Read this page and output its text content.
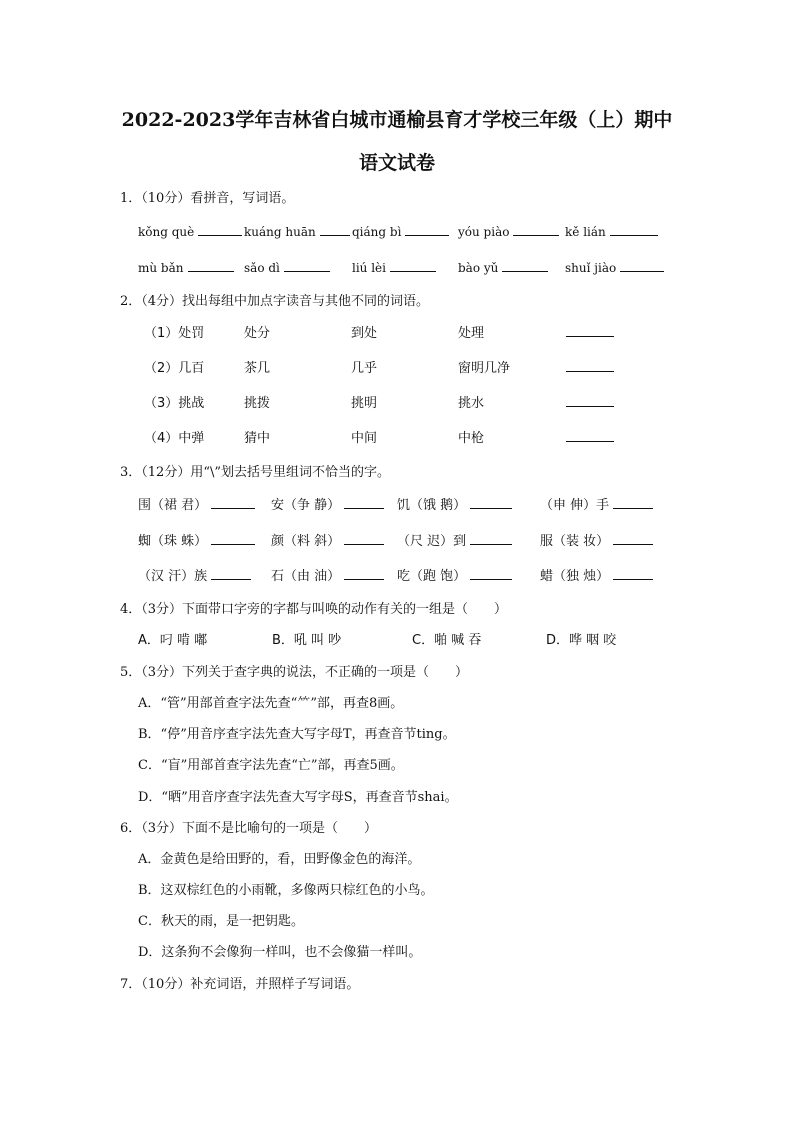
2022-2023学年吉林省白城市通榆县育才学校三年级（上）期中
语文试卷
1．（10分）看拼音，写词语。
kǒng què	kuáng huān	qiáng bì	yóu piào	kě lián
mù bǎn	sǎo dì	liú lèi	bào yǔ	shuǐ jiào
2．（4分）找出每组中加点字读音与其他不同的词语。
（1）处罚	处分	到处	处理
（2）几百	茶几	几乎	窗明几净
（3）挑战	挑拨	挑明	挑水
（4）中弹	猜中	中间	中枪
3．（12分）用“\”划去括号里组词不恰当的字。
围（裙 君）	安（争 静）	饥（饿 鹅）	（申 伸）手
蜘（珠 蛛）	颜（料 斜）	（尺 迟）到	服（装 妆）
（汉 汗）族	石（由 油）	吃（跑 饱）	蜡（独 烛）
4．（3分）下面带口字旁的字都与叫唤的动作有关的一组是（　　）
A．叼 啃 嘟	B．吼 叫 吵	C．啪 喊 吞	D．哗 咽 咬
5．（3分）下列关于查字典的说法，不正确的一项是（　　）
A．“管”用部首查字法先查“⺮”部，再查8画。
B．“停”用音序查字法先查大写字母T，再查音节ting。
C．“盲”用部首查字法先查“亡”部，再查5画。
D．“晒”用音序查字法先查大写字母S，再查音节shai。
6．（3分）下面不是比喻句的一项是（　　）
A．金黄色是给田野的，看，田野像金色的海洋。
B．这双棕红色的小雨靴，多像两只棕红色的小鸟。
C．秋天的雨，是一把钥匙。
D．这条狗不会像狗一样叫，也不会像猫一样叫。
7．（10分）补充词语，并照样子写词语。
